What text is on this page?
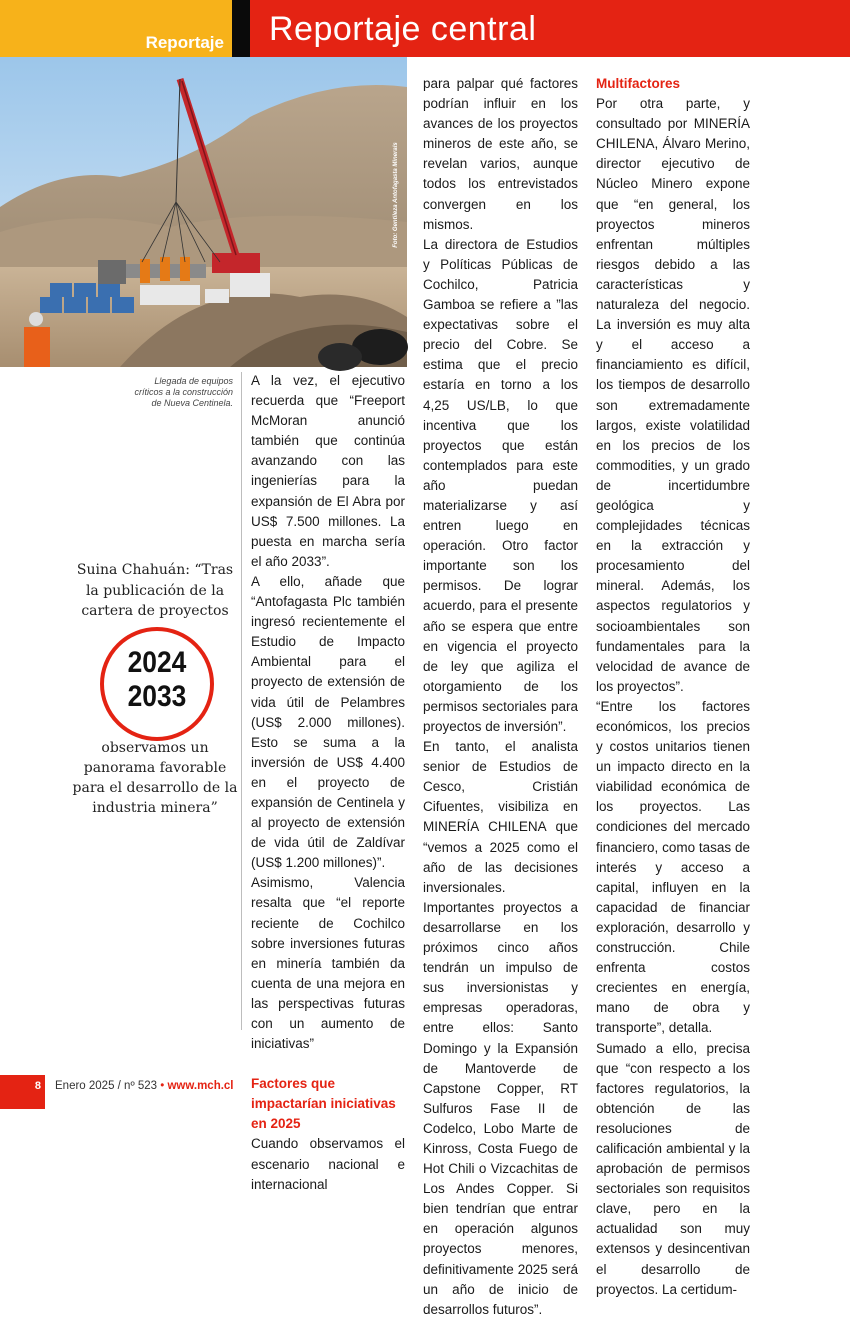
Reportaje Reportaje central
Foto: Gentileza Antofagasta Minerals
Llegada de equipos críticos a la construcción de Nueva Centinela.
Suina Chahuán: “Tras la publicación de la cartera de proyectos
2024
2033
observamos un panorama favorable para el desarrollo de la industria minera”

A la vez, el ejecutivo recuerda que “Freeport McMoran anunció también que continúa avanzando con las ingenierías para la expansión de El Abra por US$ 7.500 millones. La puesta en marcha sería el año 2033”.

A ello, añade que “Antofagasta Plc también ingresó recientemente el Estudio de Impacto Ambiental para el proyecto de extensión de vida útil de Pelambres (US$ 2.000 millones). Esto se suma a la inversión de US$ 4.400 en el proyecto de expansión de Centinela y al proyecto de extensión de vida útil de Zaldívar (US$ 1.200 millones)”.

Asimismo, Valencia resalta que “el reporte reciente de Cochilco sobre inversiones futuras en minería también da cuenta de una mejora en las perspectivas futuras con un aumento de iniciativas”

Factores que impactarían iniciativas en 2025

Cuando observamos el escenario nacional e internacional

para palpar qué factores podrían influir en los avances de los proyectos mineros de este año, se revelan varios, aunque todos los entrevistados convergen en los mismos.

La directora de Estudios y Políticas Públicas de Cochilco, Patricia Gamboa se refiere a ”las expectativas sobre el precio del Cobre. Se estima que el precio estaría en torno a los 4,25 US/LB, lo que incentiva que los proyectos que están contemplados para este año puedan materializarse y así entren luego en operación. Otro factor importante son los permisos. De lograr acuerdo, para el presente año se espera que entre en vigencia el proyecto de ley que agiliza el otorgamiento de los permisos sectoriales para proyectos de inversión”.

En tanto, el analista senior de Estudios de Cesco, Cristián Cifuentes, visibiliza en MINERÍA CHILENA que “vemos a 2025 como el año de las decisiones inversionales. Importantes proyectos a desarrollarse en los próximos cinco años tendrán un impulso de sus inversionistas y empresas operadoras, entre ellos: Santo Domingo y la Expansión de Mantoverde de Capstone Copper, RT Sulfuros Fase II de Codelco, Lobo Marte de Kinross, Costa Fuego de Hot Chili o Vizcachitas de Los Andes Copper. Si bien tendrían que entrar en operación algunos proyectos menores, definitivamente 2025 será un año de inicio de desarrollos futuros”.

Multifactores

Por otra parte, y consultado por MINERÍA CHILENA, Álvaro Merino, director ejecutivo de Núcleo Minero expone que “en general, los proyectos mineros enfrentan múltiples riesgos debido a las características y naturaleza del negocio. La inversión es muy alta y el acceso a financiamiento es difícil, los tiempos de desarrollo son extremadamente largos, existe volatilidad en los precios de los commodities, y un grado de incertidumbre geológica y complejidades técnicas en la extracción y procesamiento del mineral. Además, los aspectos regulatorios y socioambientales son fundamentales para la velocidad de avance de los proyectos”.

“Entre los factores económicos, los precios y costos unitarios tienen un impacto directo en la viabilidad económica de los proyectos. Las condiciones del mercado financiero, como tasas de interés y acceso a capital, influyen en la capacidad de financiar exploración, desarrollo y construcción. Chile enfrenta costos crecientes en energía, mano de obra y transporte”, detalla.

Sumado a ello, precisa que “con respecto a los factores regulatorios, la obtención de las resoluciones de calificación ambiental y la aprobación de permisos sectoriales son requisitos clave, pero en la actualidad son muy extensos y desincentivan el desarrollo de proyectos. La certidum-

8 Enero 2025 / nº 523 • www.mch.cl
